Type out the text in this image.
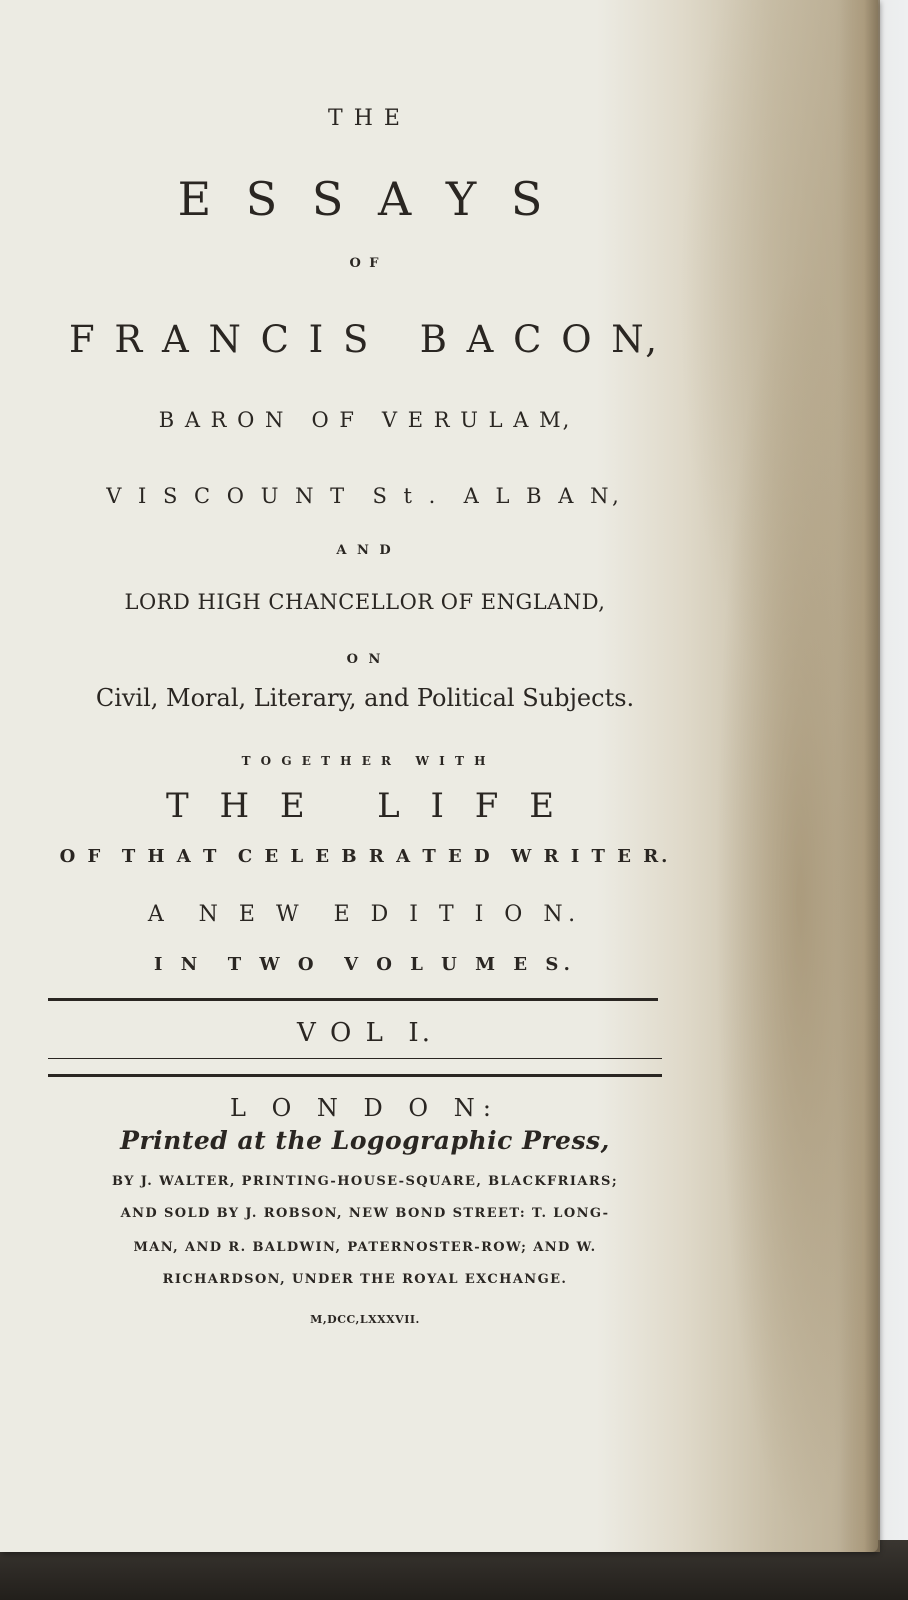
T H E
E S S A Y S
O F
F R A N C I S   B A C O N,
B A R O N   O F   V E R U L A M,
V I S C O U N T  S t .  A L B A N,
A N D
LORD HIGH CHANCELLOR OF ENGLAND,
O N
Civil, Moral, Literary, and Political Subjects.
T O G E T H E R   W I T H
T H E   L I F E
O F  T H A T  C E L E B R A T E D  W R I T E R.
A  N E W  E D I T I O N.
I N  T W O  V O L U M E S.
V O L  I.
L O N D O N:
Printed at the Logographic Press,
BY J. WALTER, PRINTING-HOUSE-SQUARE, BLACKFRIARS;
AND SOLD BY J. ROBSON, NEW BOND STREET: T. LONG-
MAN, AND R. BALDWIN, PATERNOSTER-ROW; AND W.
RICHARDSON, UNDER THE ROYAL EXCHANGE.
M,DCC,LXXXVII.
